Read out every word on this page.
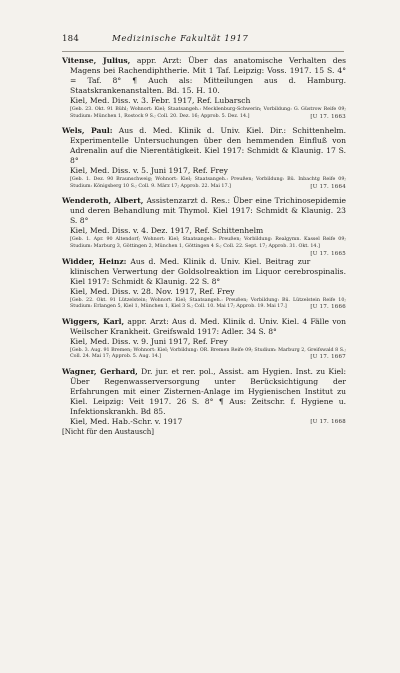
184	Medizinische Fakultät 1917

Vitense, Julius, appr. Arzt: Über das anatomische Verhalten des Magens bei Rachendiphtherie. Mit 1 Taf. Leipzig: Voss. 1917. 15 S. 4° = Taf. 8° ¶ Auch als: Mitteilungen aus d. Hamburg. Staatskrankenanstalten. Bd. 15. H. 10.

Kiel, Med. Diss. v. 3. Febr. 1917, Ref. Lubarsch

[Geb. 23. Okt. 91 Bühl; Wohnort: Kiel; Staatsangeh.: Mecklenburg-Schwerin; Vorbildung: G. Güstrow Reife 09; Studium: München 1, Rostock 9 S.; Coll. 20. Dez. 16; Approb. 5. Dez. 14.]	[U 17. 1663

Wels, Paul: Aus d. Med. Klinik d. Univ. Kiel. Dir.: Schittenhelm. Experimentelle Untersuchungen über den hemmenden Einfluß von Adrenalin auf die Nierentätigkeit. Kiel 1917: Schmidt & Klaunig. 17 S. 8°

Kiel, Med. Diss. v. 5. Juni 1917, Ref. Frey

[Geb. 1. Dez. 90 Braunschweig; Wohnort: Kiel; Staatsangeh.: Preußen; Vorbildung: Bü. Inbachtg Reife 09; Studium: Königsberg 10 S.; Coll. 9. März 17; Approb. 22. Mai 17.]	[U 17. 1664

Wenderoth, Albert, Assistenzarzt d. Res.: Über eine Trichinosepidemie und deren Behandlung mit Thymol. Kiel 1917: Schmidt & Klaunig. 23 S. 8°

Kiel, Med. Diss. v. 4. Dez. 1917, Ref. Schittenhelm

[Geb. 1. Apr. 90 Altendorf; Wohnort: Kiel; Staatsangeh.: Preußen; Vorbildung: Realgymn. Kassel Reife 09; Studium: Marburg 3, Göttingen 2, München 1, Göttingen 4 S.; Coll. 22. Sept. 17; Approb. 31. Okt. 14.]
[U 17. 1665

Widder, Heinz: Aus d. Med. Klinik d. Univ. Kiel. Beitrag zur klinischen Verwertung der Goldsolreaktion im Liquor cerebrospinalis. Kiel 1917: Schmidt & Klaunig. 22 S. 8°

Kiel, Med. Diss. v. 28. Nov. 1917, Ref. Frey

[Geb. 22. Okt. 91 Lützelstein; Wohnort: Kiel; Staatsangeh.: Preußen; Vorbildung: Bü. Lützelstein Reife 10; Studium: Erlangen 5, Kiel 1, München 1, Kiel 3 S.; Coll. 10. Mai 17; Approb. 19. Mai 17.]	[U 17. 1666

Wiggers, Karl, appr. Arzt: Aus d. Med. Klinik d. Univ. Kiel. 4 Fälle von Weilscher Krankheit. Greifswald 1917: Adler. 34 S. 8°

Kiel, Med. Diss. v. 9. Juni 1917, Ref. Frey

[Geb. 3. Aug. 91 Bremen; Wohnort: Kiel; Vorbildung: OR. Bremen Reife 09; Studium: Marburg 2, Greifswald 8 S.; Coll. 24. Mai 17; Approb. 5. Aug. 14.]	[U 17. 1667

Wagner, Gerhard, Dr. jur. et rer. pol., Assist. am Hygien. Inst. zu Kiel: Über Regenwasserversorgung unter Berücksichtigung der Erfahrungen mit einer Zisternen-Anlage im Hygienischen Institut zu Kiel. Leipzig: Veit 1917. 26 S. 8° ¶ Aus: Zeitschr. f. Hygiene u. Infektionskrankh. Bd 85.

Kiel, Med. Hab.-Schr. v. 1917	[U 17. 1668

[Nicht für den Austausch]
